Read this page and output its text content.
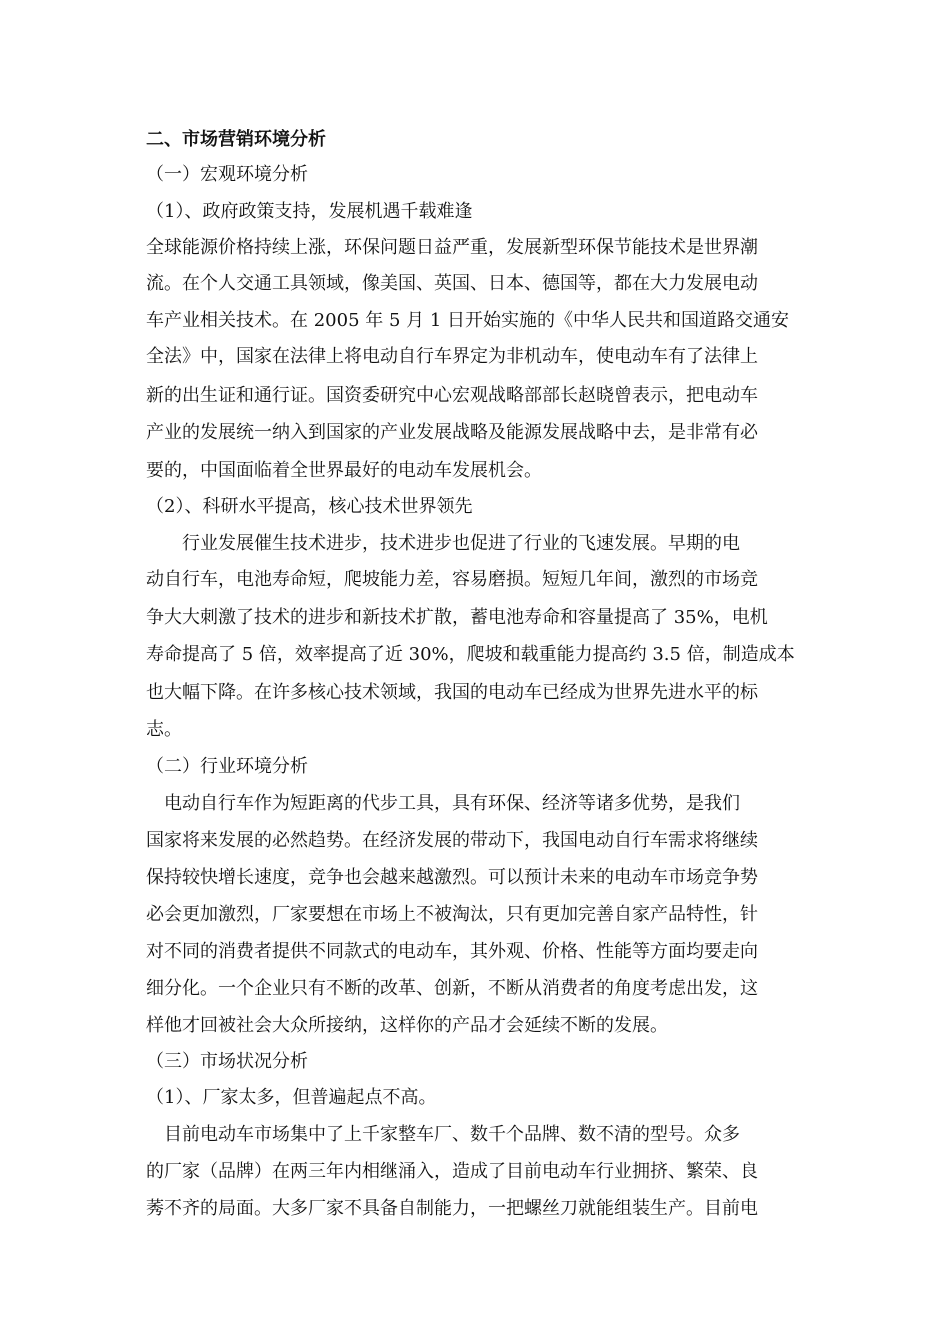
二、市场营销环境分析
（一）宏观环境分析
（1）、政府政策支持，发展机遇千载难逢
全球能源价格持续上涨，环保问题日益严重，发展新型环保节能技术是世界潮
流。在个人交通工具领域，像美国、英国、日本、德国等，都在大力发展电动
车产业相关技术。在 2005 年 5 月 1 日开始实施的《中华人民共和国道路交通安
全法》中，国家在法律上将电动自行车界定为非机动车，使电动车有了法律上
新的出生证和通行证。国资委研究中心宏观战略部部长赵晓曾表示，把电动车
产业的发展统一纳入到国家的产业发展战略及能源发展战略中去，是非常有必
要的，中国面临着全世界最好的电动车发展机会。
（2）、科研水平提高，核心技术世界领先
　　行业发展催生技术进步，技术进步也促进了行业的飞速发展。早期的电
动自行车，电池寿命短，爬坡能力差，容易磨损。短短几年间，激烈的市场竞
争大大刺激了技术的进步和新技术扩散，蓄电池寿命和容量提高了 35%，电机
寿命提高了 5 倍，效率提高了近 30%，爬坡和载重能力提高约 3.5 倍，制造成本
也大幅下降。在许多核心技术领域，我国的电动车已经成为世界先进水平的标
志。
（二）行业环境分析
　电动自行车作为短距离的代步工具，具有环保、经济等诸多优势，是我们
国家将来发展的必然趋势。在经济发展的带动下，我国电动自行车需求将继续
保持较快增长速度，竞争也会越来越激烈。可以预计未来的电动车市场竞争势
必会更加激烈，厂家要想在市场上不被淘汰，只有更加完善自家产品特性，针
对不同的消费者提供不同款式的电动车，其外观、价格、性能等方面均要走向
细分化。一个企业只有不断的改革、创新，不断从消费者的角度考虑出发，这
样他才回被社会大众所接纳，这样你的产品才会延续不断的发展。
（三）市场状况分析
（1）、厂家太多，但普遍起点不高。
　目前电动车市场集中了上千家整车厂、数千个品牌、数不清的型号。众多
的厂家（品牌）在两三年内相继涌入，造成了目前电动车行业拥挤、繁荣、良
莠不齐的局面。大多厂家不具备自制能力，一把螺丝刀就能组装生产。目前电
